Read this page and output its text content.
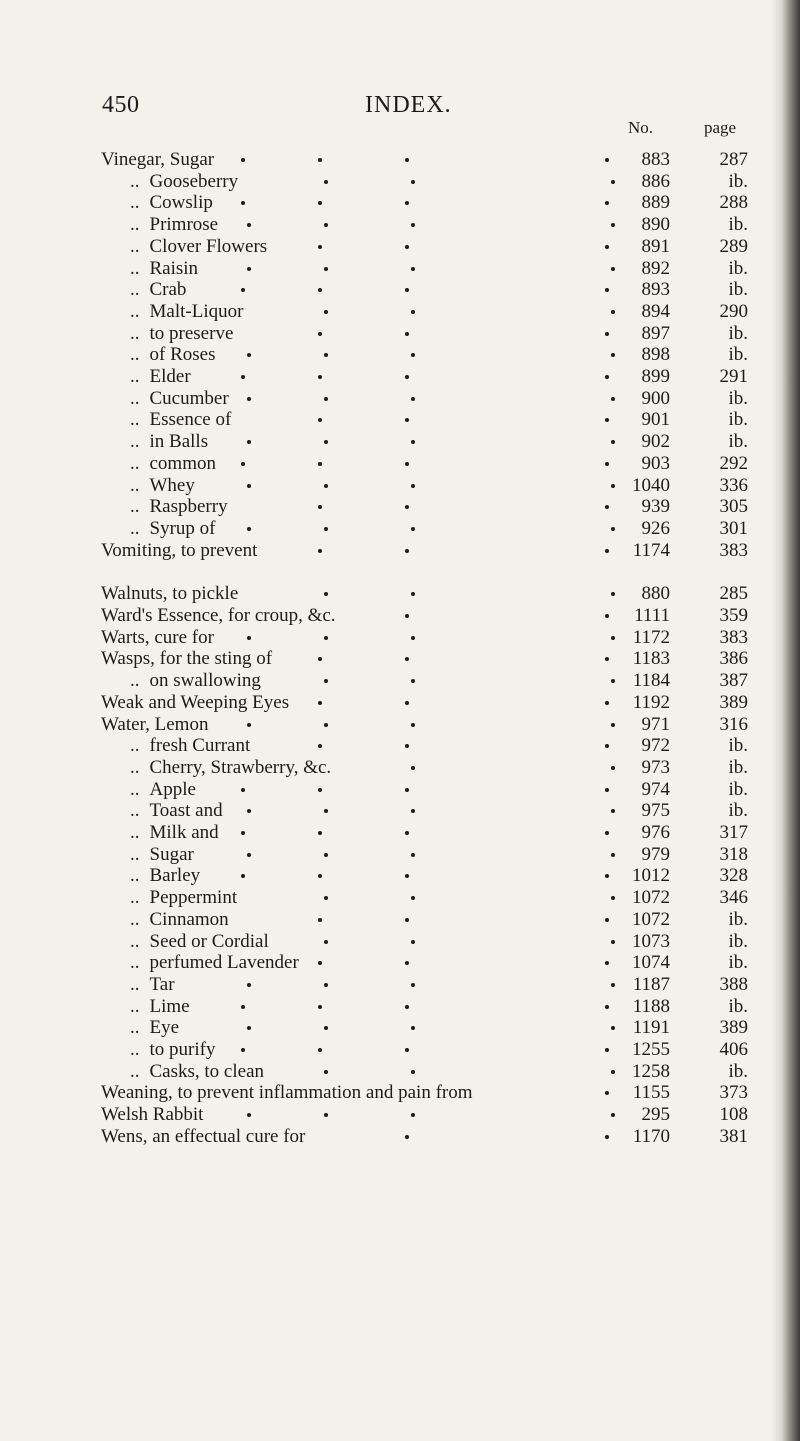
450	INDEX.
No.	page
Vinegar, Sugar	883	287
.. Gooseberry	886	ib.
.. Cowslip	889	288
.. Primrose	890	ib.
.. Clover Flowers	891	289
.. Raisin	892	ib.
.. Crab	893	ib.
.. Malt-Liquor	894	290
.. to preserve	897	ib.
.. of Roses	898	ib.
.. Elder	899	291
.. Cucumber	900	ib.
.. Essence of	901	ib.
.. in Balls	902	ib.
.. common	903	292
.. Whey	1040	336
.. Raspberry	939	305
.. Syrup of	926	301
Vomiting, to prevent	1174	383
Walnuts, to pickle	880	285
Ward's Essence, for croup, &c.	1111	359
Warts, cure for	1172	383
Wasps, for the sting of	1183	386
.. on swallowing	1184	387
Weak and Weeping Eyes	1192	389
Water, Lemon	971	316
.. fresh Currant	972	ib.
.. Cherry, Strawberry, &c.	973	ib.
.. Apple	974	ib.
.. Toast and	975	ib.
.. Milk and	976	317
.. Sugar	979	318
.. Barley	1012	328
.. Peppermint	1072	346
.. Cinnamon	1072	ib.
.. Seed or Cordial	1073	ib.
.. perfumed Lavender	1074	ib.
.. Tar	1187	388
.. Lime	1188	ib.
.. Eye	1191	389
.. to purify	1255	406
.. Casks, to clean	1258	ib.
Weaning, to prevent inflammation and pain from	1155	373
Welsh Rabbit	295	108
Wens, an effectual cure for	1170	381
